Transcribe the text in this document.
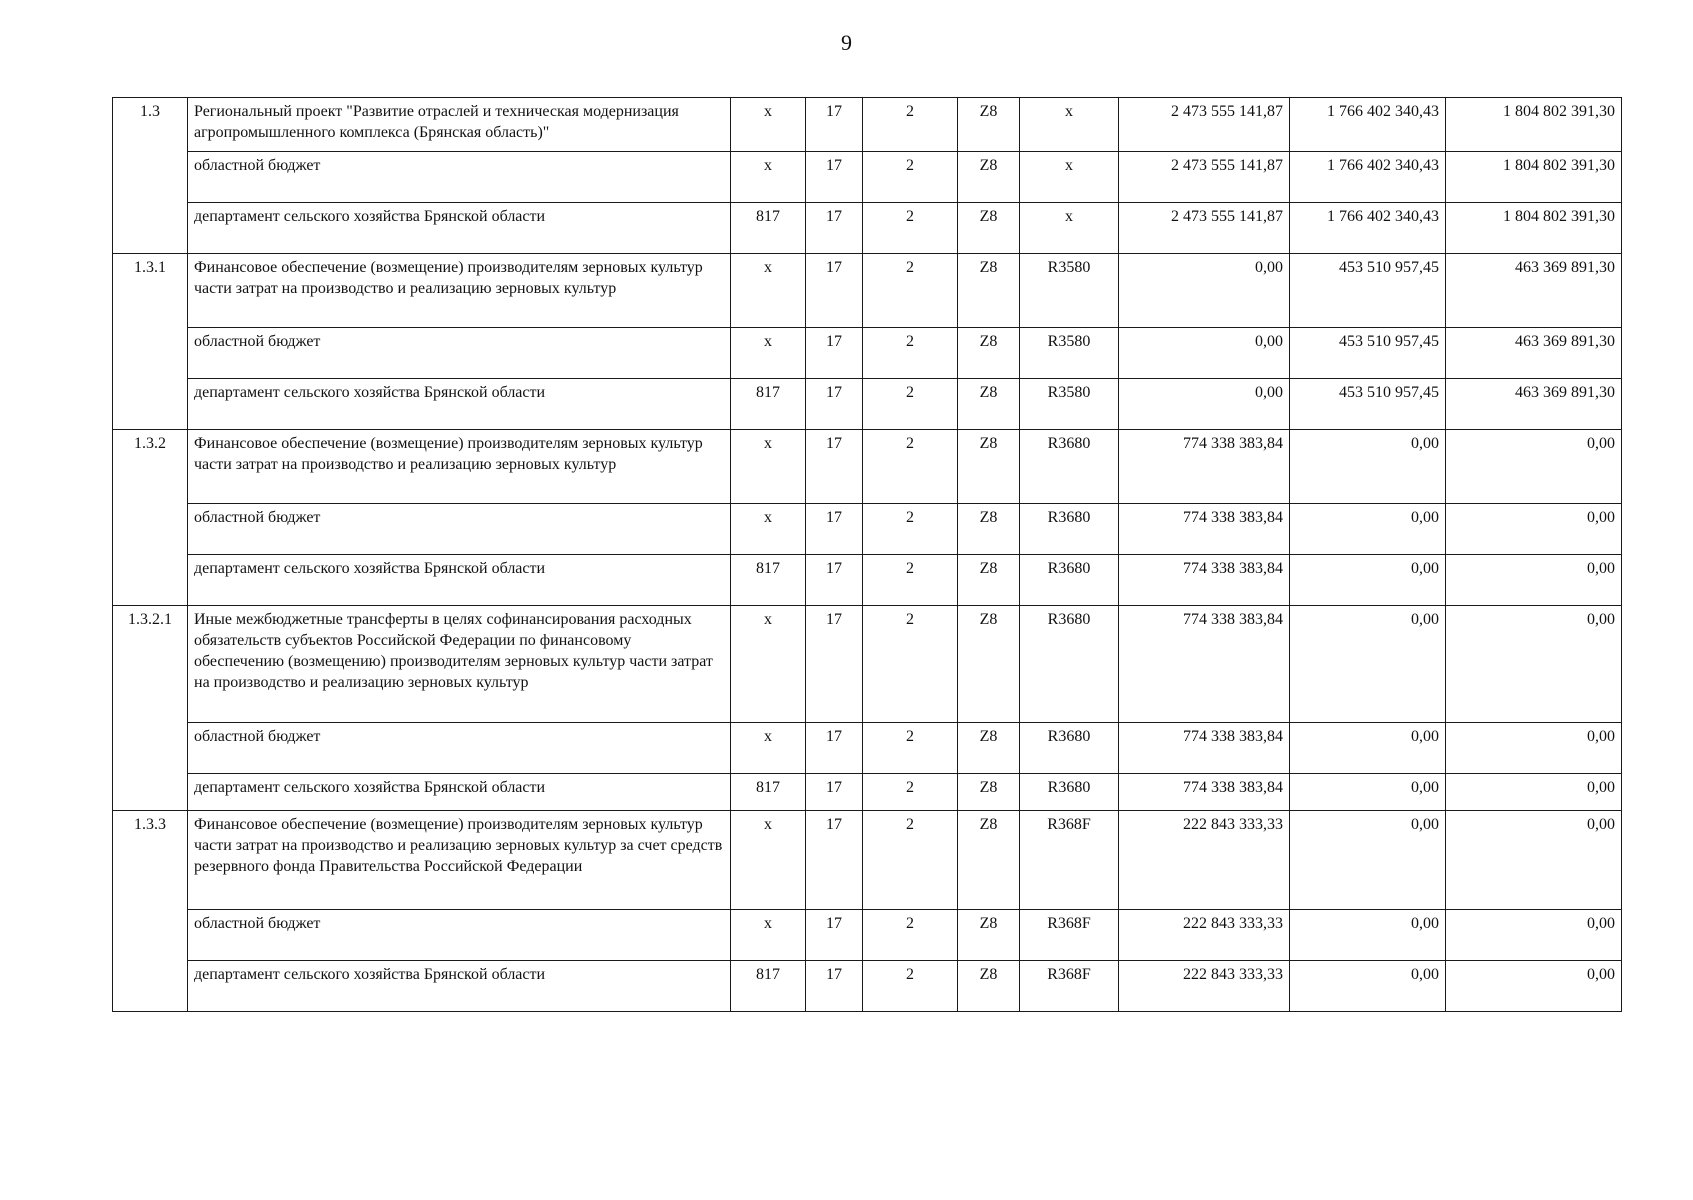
9
1.3	Региональный проект "Развитие отраслей и техническая модернизация агропромышленного комплекса (Брянская область)"	х	17	2	Z8	х	2 473 555 141,87	1 766 402 340,43	1 804 802 391,30
	областной бюджет	х	17	2	Z8	х	2 473 555 141,87	1 766 402 340,43	1 804 802 391,30
	департамент сельского хозяйства Брянской области	817	17	2	Z8	х	2 473 555 141,87	1 766 402 340,43	1 804 802 391,30
1.3.1	Финансовое обеспечение (возмещение) производителям зерновых культур части затрат на производство и реализацию зерновых культур	х	17	2	Z8	R3580	0,00	453 510 957,45	463 369 891,30
	областной бюджет	х	17	2	Z8	R3580	0,00	453 510 957,45	463 369 891,30
	департамент сельского хозяйства Брянской области	817	17	2	Z8	R3580	0,00	453 510 957,45	463 369 891,30
1.3.2	Финансовое обеспечение (возмещение) производителям зерновых культур части затрат на производство и реализацию зерновых культур	х	17	2	Z8	R3680	774 338 383,84	0,00	0,00
	областной бюджет	х	17	2	Z8	R3680	774 338 383,84	0,00	0,00
	департамент сельского хозяйства Брянской области	817	17	2	Z8	R3680	774 338 383,84	0,00	0,00
1.3.2.1	Иные межбюджетные трансферты в целях софинансирования расходных обязательств субъектов Российской Федерации по финансовому обеспечению (возмещению) производителям зерновых культур части затрат на производство и реализацию зерновых культур	х	17	2	Z8	R3680	774 338 383,84	0,00	0,00
	областной бюджет	х	17	2	Z8	R3680	774 338 383,84	0,00	0,00
	департамент сельского хозяйства Брянской области	817	17	2	Z8	R3680	774 338 383,84	0,00	0,00
1.3.3	Финансовое обеспечение (возмещение) производителям зерновых культур части затрат на производство и реализацию зерновых культур за счет средств резервного фонда Правительства Российской Федерации	х	17	2	Z8	R368F	222 843 333,33	0,00	0,00
	областной бюджет	х	17	2	Z8	R368F	222 843 333,33	0,00	0,00
	департамент сельского хозяйства Брянской области	817	17	2	Z8	R368F	222 843 333,33	0,00	0,00
